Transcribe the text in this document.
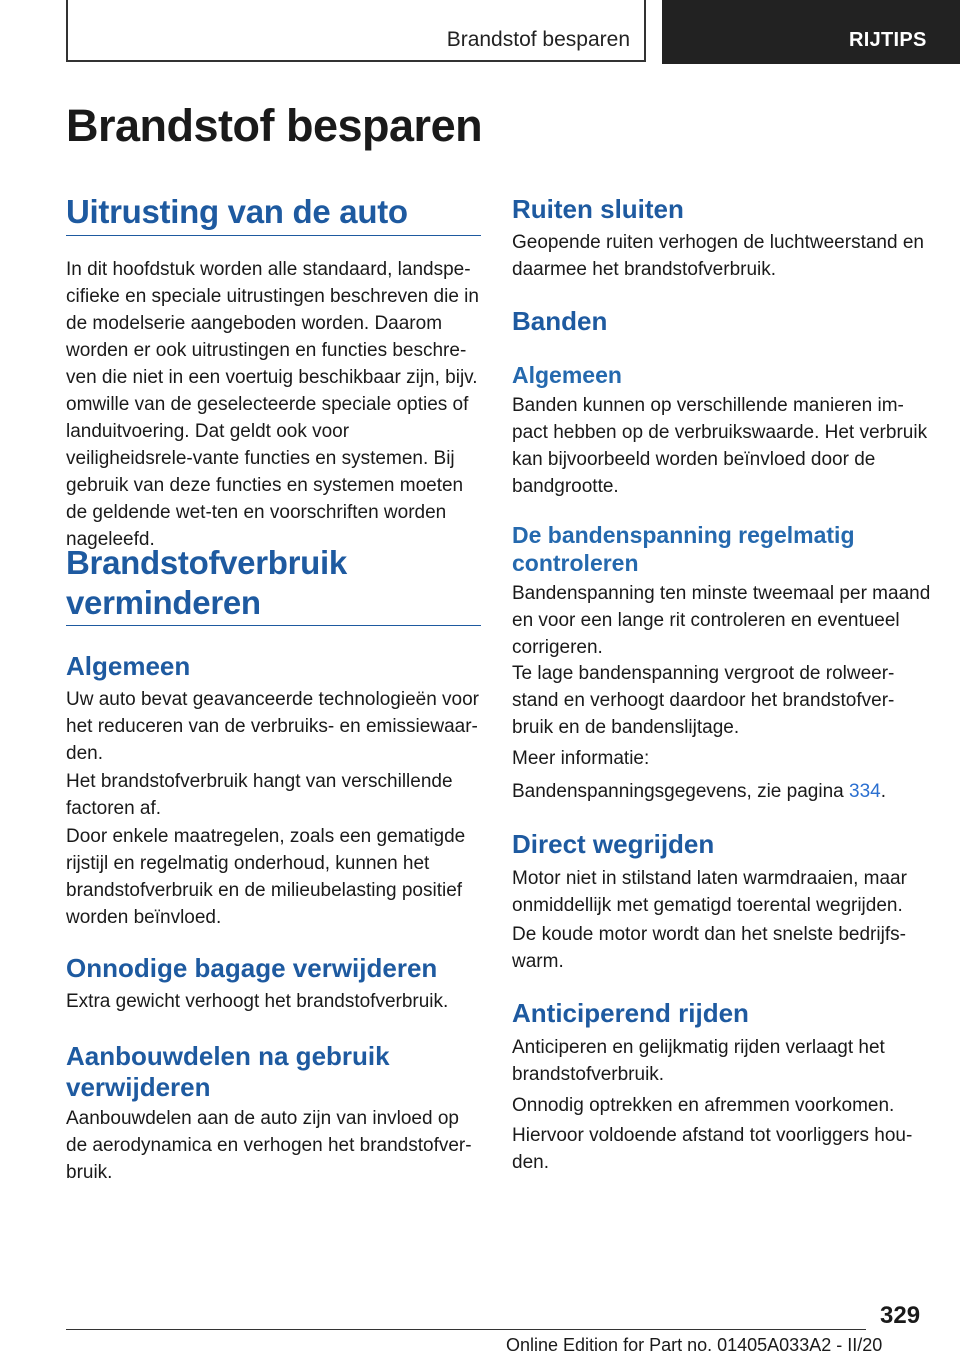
Brandstof besparen	RIJTIPS
Brandstof besparen
Uitrusting van de auto

In dit hoofdstuk worden alle standaard, landspe-cifieke en speciale uitrustingen beschreven die in de modelserie aangeboden worden. Daarom worden er ook uitrustingen en functies beschre-ven die niet in een voertuig beschikbaar zijn, bijv. omwille van de geselecteerde speciale opties of landuitvoering. Dat geldt ook voor veiligheidsrele-vante functies en systemen. Bij gebruik van deze functies en systemen moeten de geldende wet-ten en voorschriften worden nageleefd.

Brandstofverbruik verminderen
Algemeen

Uw auto bevat geavanceerde technologieën voor het reduceren van de verbruiks- en emissiewaar-den.

Het brandstofverbruik hangt van verschillende factoren af.

Door enkele maatregelen, zoals een gematigde rijstijl en regelmatig onderhoud, kunnen het brandstofverbruik en de milieubelasting positief worden beïnvloed.

Onnodige bagage verwijderen

Extra gewicht verhoogt het brandstofverbruik.

Aanbouwdelen na gebruik verwijderen

Aanbouwdelen aan de auto zijn van invloed op de aerodynamica en verhogen het brandstofver-bruik.

Ruiten sluiten

Geopende ruiten verhogen de luchtweerstand en daarmee het brandstofverbruik.

Banden
Algemeen

Banden kunnen op verschillende manieren im-pact hebben op de verbruikswaarde. Het verbruik kan bijvoorbeeld worden beïnvloed door de bandgrootte.

De bandenspanning regelmatig controleren

Bandenspanning ten minste tweemaal per maand en voor een lange rit controleren en eventueel corrigeren.

Te lage bandenspanning vergroot de rolweer-stand en verhoogt daardoor het brandstofver-bruik en de bandenslijtage.

Meer informatie:

Bandenspanningsgegevens, zie pagina 334.

Direct wegrijden

Motor niet in stilstand laten warmdraaien, maar onmiddellijk met gematigd toerental wegrijden.

De koude motor wordt dan het snelste bedrijfs-warm.

Anticiperend rijden

Anticiperen en gelijkmatig rijden verlaagt het brandstofverbruik.

Onnodig optrekken en afremmen voorkomen.

Hiervoor voldoende afstand tot voorliggers hou-den.

329
Online Edition for Part no. 01405A033A2 - II/20
